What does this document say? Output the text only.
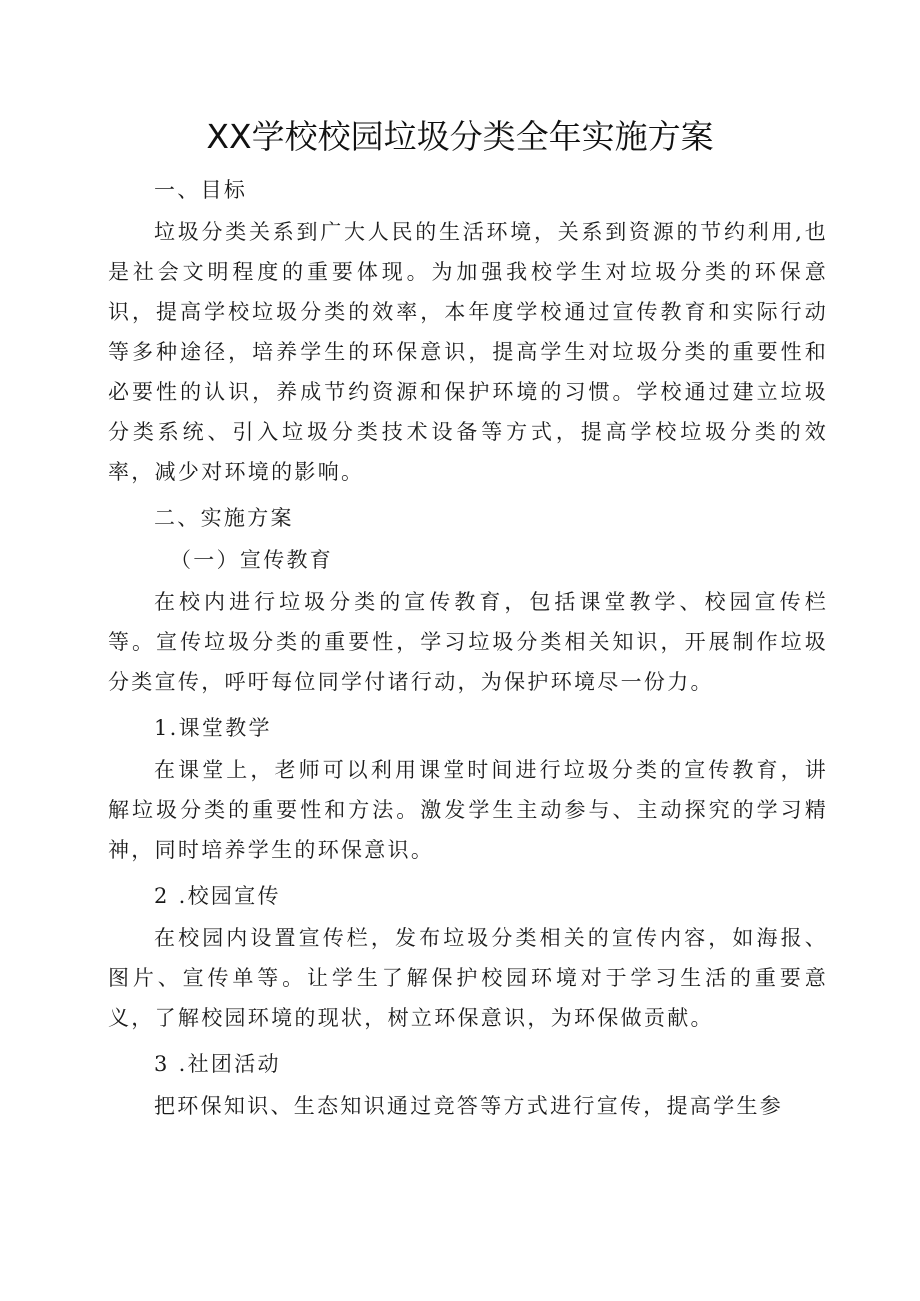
XX学校校园垃圾分类全年实施方案

一、目标

垃圾分类关系到广大人民的生活环境，关系到资源的节约利用,也是社会文明程度的重要体现。为加强我校学生对垃圾分类的环保意识，提高学校垃圾分类的效率，本年度学校通过宣传教育和实际行动等多种途径，培养学生的环保意识，提高学生对垃圾分类的重要性和必要性的认识，养成节约资源和保护环境的习惯。学校通过建立垃圾分类系统、引入垃圾分类技术设备等方式，提高学校垃圾分类的效率，减少对环境的影响。

二、实施方案

（一）宣传教育

在校内进行垃圾分类的宣传教育，包括课堂教学、校园宣传栏等。宣传垃圾分类的重要性，学习垃圾分类相关知识，开展制作垃圾分类宣传，呼吁每位同学付诸行动，为保护环境尽一份力。

1.课堂教学

在课堂上，老师可以利用课堂时间进行垃圾分类的宣传教育，讲解垃圾分类的重要性和方法。激发学生主动参与、主动探究的学习精神，同时培养学生的环保意识。

2 .校园宣传

在校园内设置宣传栏，发布垃圾分类相关的宣传内容，如海报、图片、宣传单等。让学生了解保护校园环境对于学习生活的重要意义，了解校园环境的现状，树立环保意识，为环保做贡献。

3 .社团活动

把环保知识、生态知识通过竞答等方式进行宣传，提高学生参
